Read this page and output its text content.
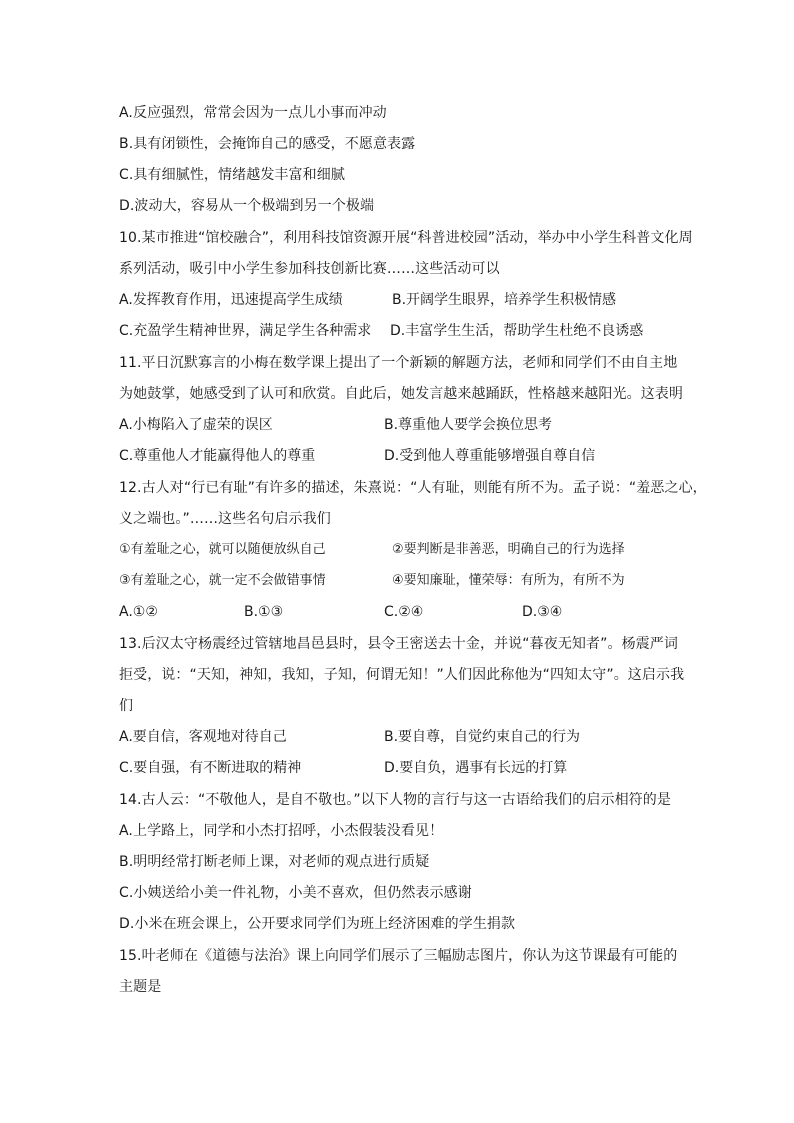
A.反应强烈，常常会因为一点儿小事而冲动
B.具有闭锁性，会掩饰自己的感受，不愿意表露
C.具有细腻性，情绪越发丰富和细腻
D.波动大，容易从一个极端到另一个极端
10.某市推进“馆校融合”，利用科技馆资源开展“科普进校园”活动，举办中小学生科普文化周
系列活动，吸引中小学生参加科技创新比赛……这些活动可以
A.发挥教育作用，迅速提高学生成绩	B.开阔学生眼界，培养学生积极情感
C.充盈学生精神世界，满足学生各种需求 D.丰富学生生活，帮助学生杜绝不良诱惑
11.平日沉默寡言的小梅在数学课上提出了一个新颖的解题方法，老师和同学们不由自主地
为她鼓掌，她感受到了认可和欣赏。自此后，她发言越来越踊跃，性格越来越阳光。这表明
A.小梅陷入了虚荣的误区	B.尊重他人要学会换位思考
C.尊重他人才能赢得他人的尊重	D.受到他人尊重能够增强自尊自信
12.古人对“行已有耻”有许多的描述，朱熹说：“人有耻，则能有所不为。孟子说：“羞恶之心，
义之端也。”……这些名句启示我们
①有羞耻之心，就可以随便放纵自己	②要判断是非善恶，明确自己的行为选择
③有羞耻之心，就一定不会做错事情	④要知廉耻，懂荣辱：有所为，有所不为
A.①②	B.①③	C.②④	D.③④
13.后汉太守杨震经过管辖地昌邑县时，县令王密送去十金，并说“暮夜无知者”。杨震严词
拒受，说：“天知，神知，我知，子知，何谓无知！”人们因此称他为“四知太守”。这启示我
们
A.要自信，客观地对待自己	B.要自尊，自觉约束自己的行为
C.要自强，有不断进取的精神	D.要自负，遇事有长远的打算
14.古人云：“不敬他人，是自不敬也。”以下人物的言行与这一古语给我们的启示相符的是
A.上学路上，同学和小杰打招呼，小杰假装没看见！
B.明明经常打断老师上课，对老师的观点进行质疑
C.小姨送给小美一件礼物，小美不喜欢，但仍然表示感谢
D.小米在班会课上，公开要求同学们为班上经济困难的学生捐款
15.叶老师在《道德与法治》课上向同学们展示了三幅励志图片，你认为这节课最有可能的
主题是
